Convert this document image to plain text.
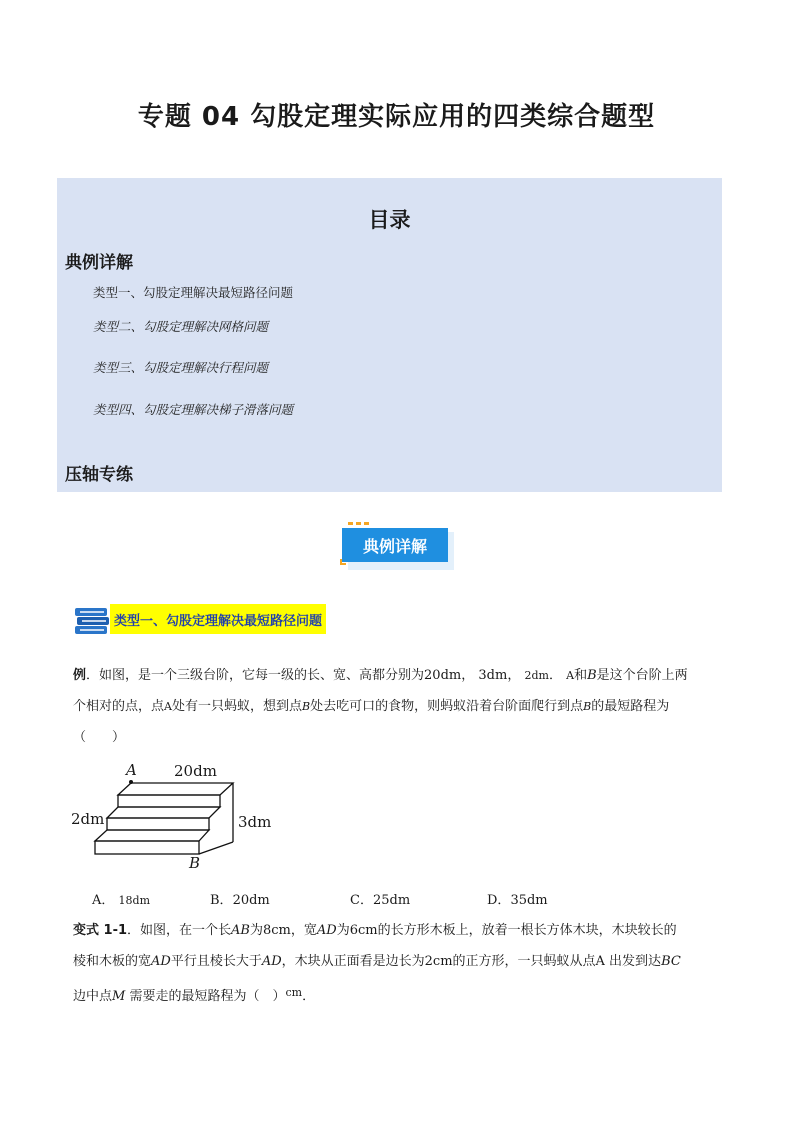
专题 04 勾股定理实际应用的四类综合题型
目录
典例详解
类型一、勾股定理解决最短路径问题
类型二、勾股定理解决网格问题
类型三、勾股定理解决行程问题
类型四、勾股定理解决梯子滑落问题
压轴专练
典例详解
类型一、勾股定理解决最短路径问题
例．如图，是一个三级台阶，它每一级的长、宽、高都分别为20dm， 3dm， 2dm． A和B是这个台阶上两
个相对的点，点A处有一只蚂蚁，想到点B处去吃可口的食物，则蚂蚁沿着台阶面爬行到点B的最短路程为
（　　）
A 20dm
2dm	3dm
B
A． 18dm	B．20dm	C．25dm	D．35dm
变式 1-1．如图，在一个长AB为8cm，宽AD为6cm的长方形木板上，放着一根长方体木块，木块较长的
棱和木板的宽AD平行且棱长大于AD，木块从正面看是边长为2cm的正方形，一只蚂蚁从点A 出发到达BC
边中点M 需要走的最短路程为（　）$^{cm}$．
